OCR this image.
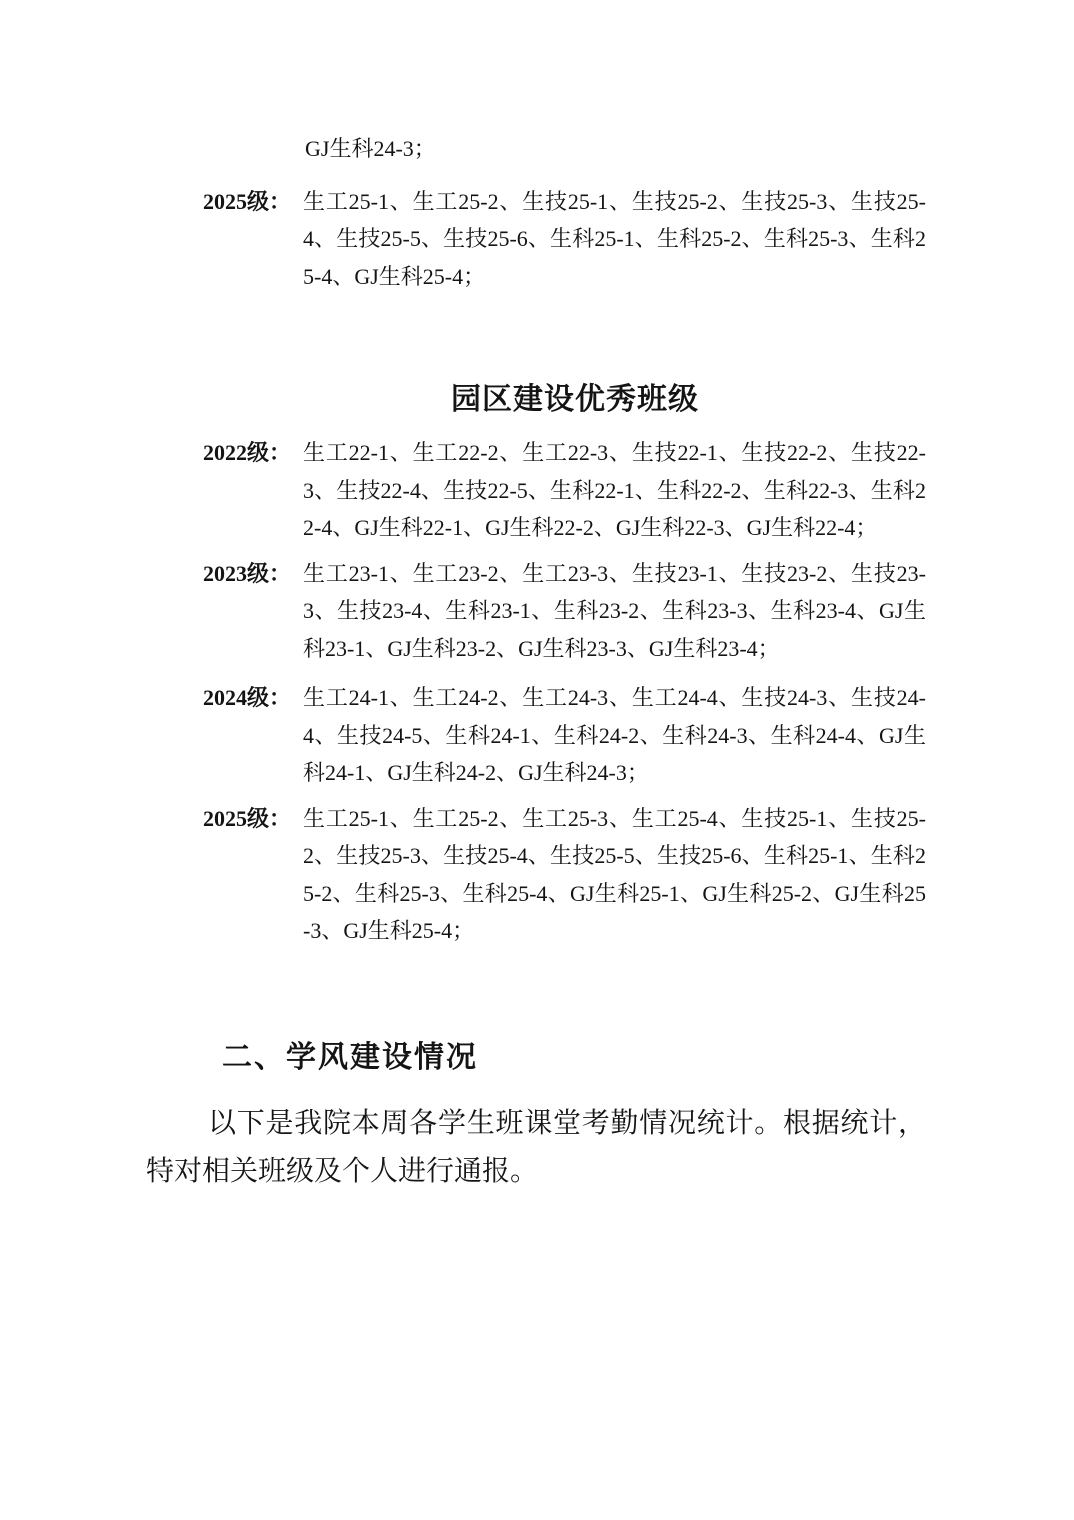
GJ生科24-3；

2025级： 生工25-1、生工25-2、生技25-1、生技25-2、生技25-3、生技25-4、生技25-5、生技25-6、生科25-1、生科25-2、生科25-3、生科25-4、GJ生科25-4；
园区建设优秀班级
2022级： 生工22-1、生工22-2、生工22-3、生技22-1、生技22-2、生技22-3、生技22-4、生技22-5、生科22-1、生科22-2、生科22-3、生科22-4、GJ生科22-1、GJ生科22-2、GJ生科22-3、GJ生科22-4；
2023级： 生工23-1、生工23-2、生工23-3、生技23-1、生技23-2、生技23-3、生技23-4、生科23-1、生科23-2、生科23-3、生科23-4、GJ生科23-1、GJ生科23-2、GJ生科23-3、GJ生科23-4；
2024级： 生工24-1、生工24-2、生工24-3、生工24-4、生技24-3、生技24-4、生技24-5、生科24-1、生科24-2、生科24-3、生科24-4、GJ生科24-1、GJ生科24-2、GJ生科24-3；
2025级： 生工25-1、生工25-2、生工25-3、生工25-4、生技25-1、生技25-2、生技25-3、生技25-4、生技25-5、生技25-6、生科25-1、生科25-2、生科25-3、生科25-4、GJ生科25-1、GJ生科25-2、GJ生科25-3、GJ生科25-4；
二、学风建设情况

以下是我院本周各学生班课堂考勤情况统计。根据统计，特对相关班级及个人进行通报。
